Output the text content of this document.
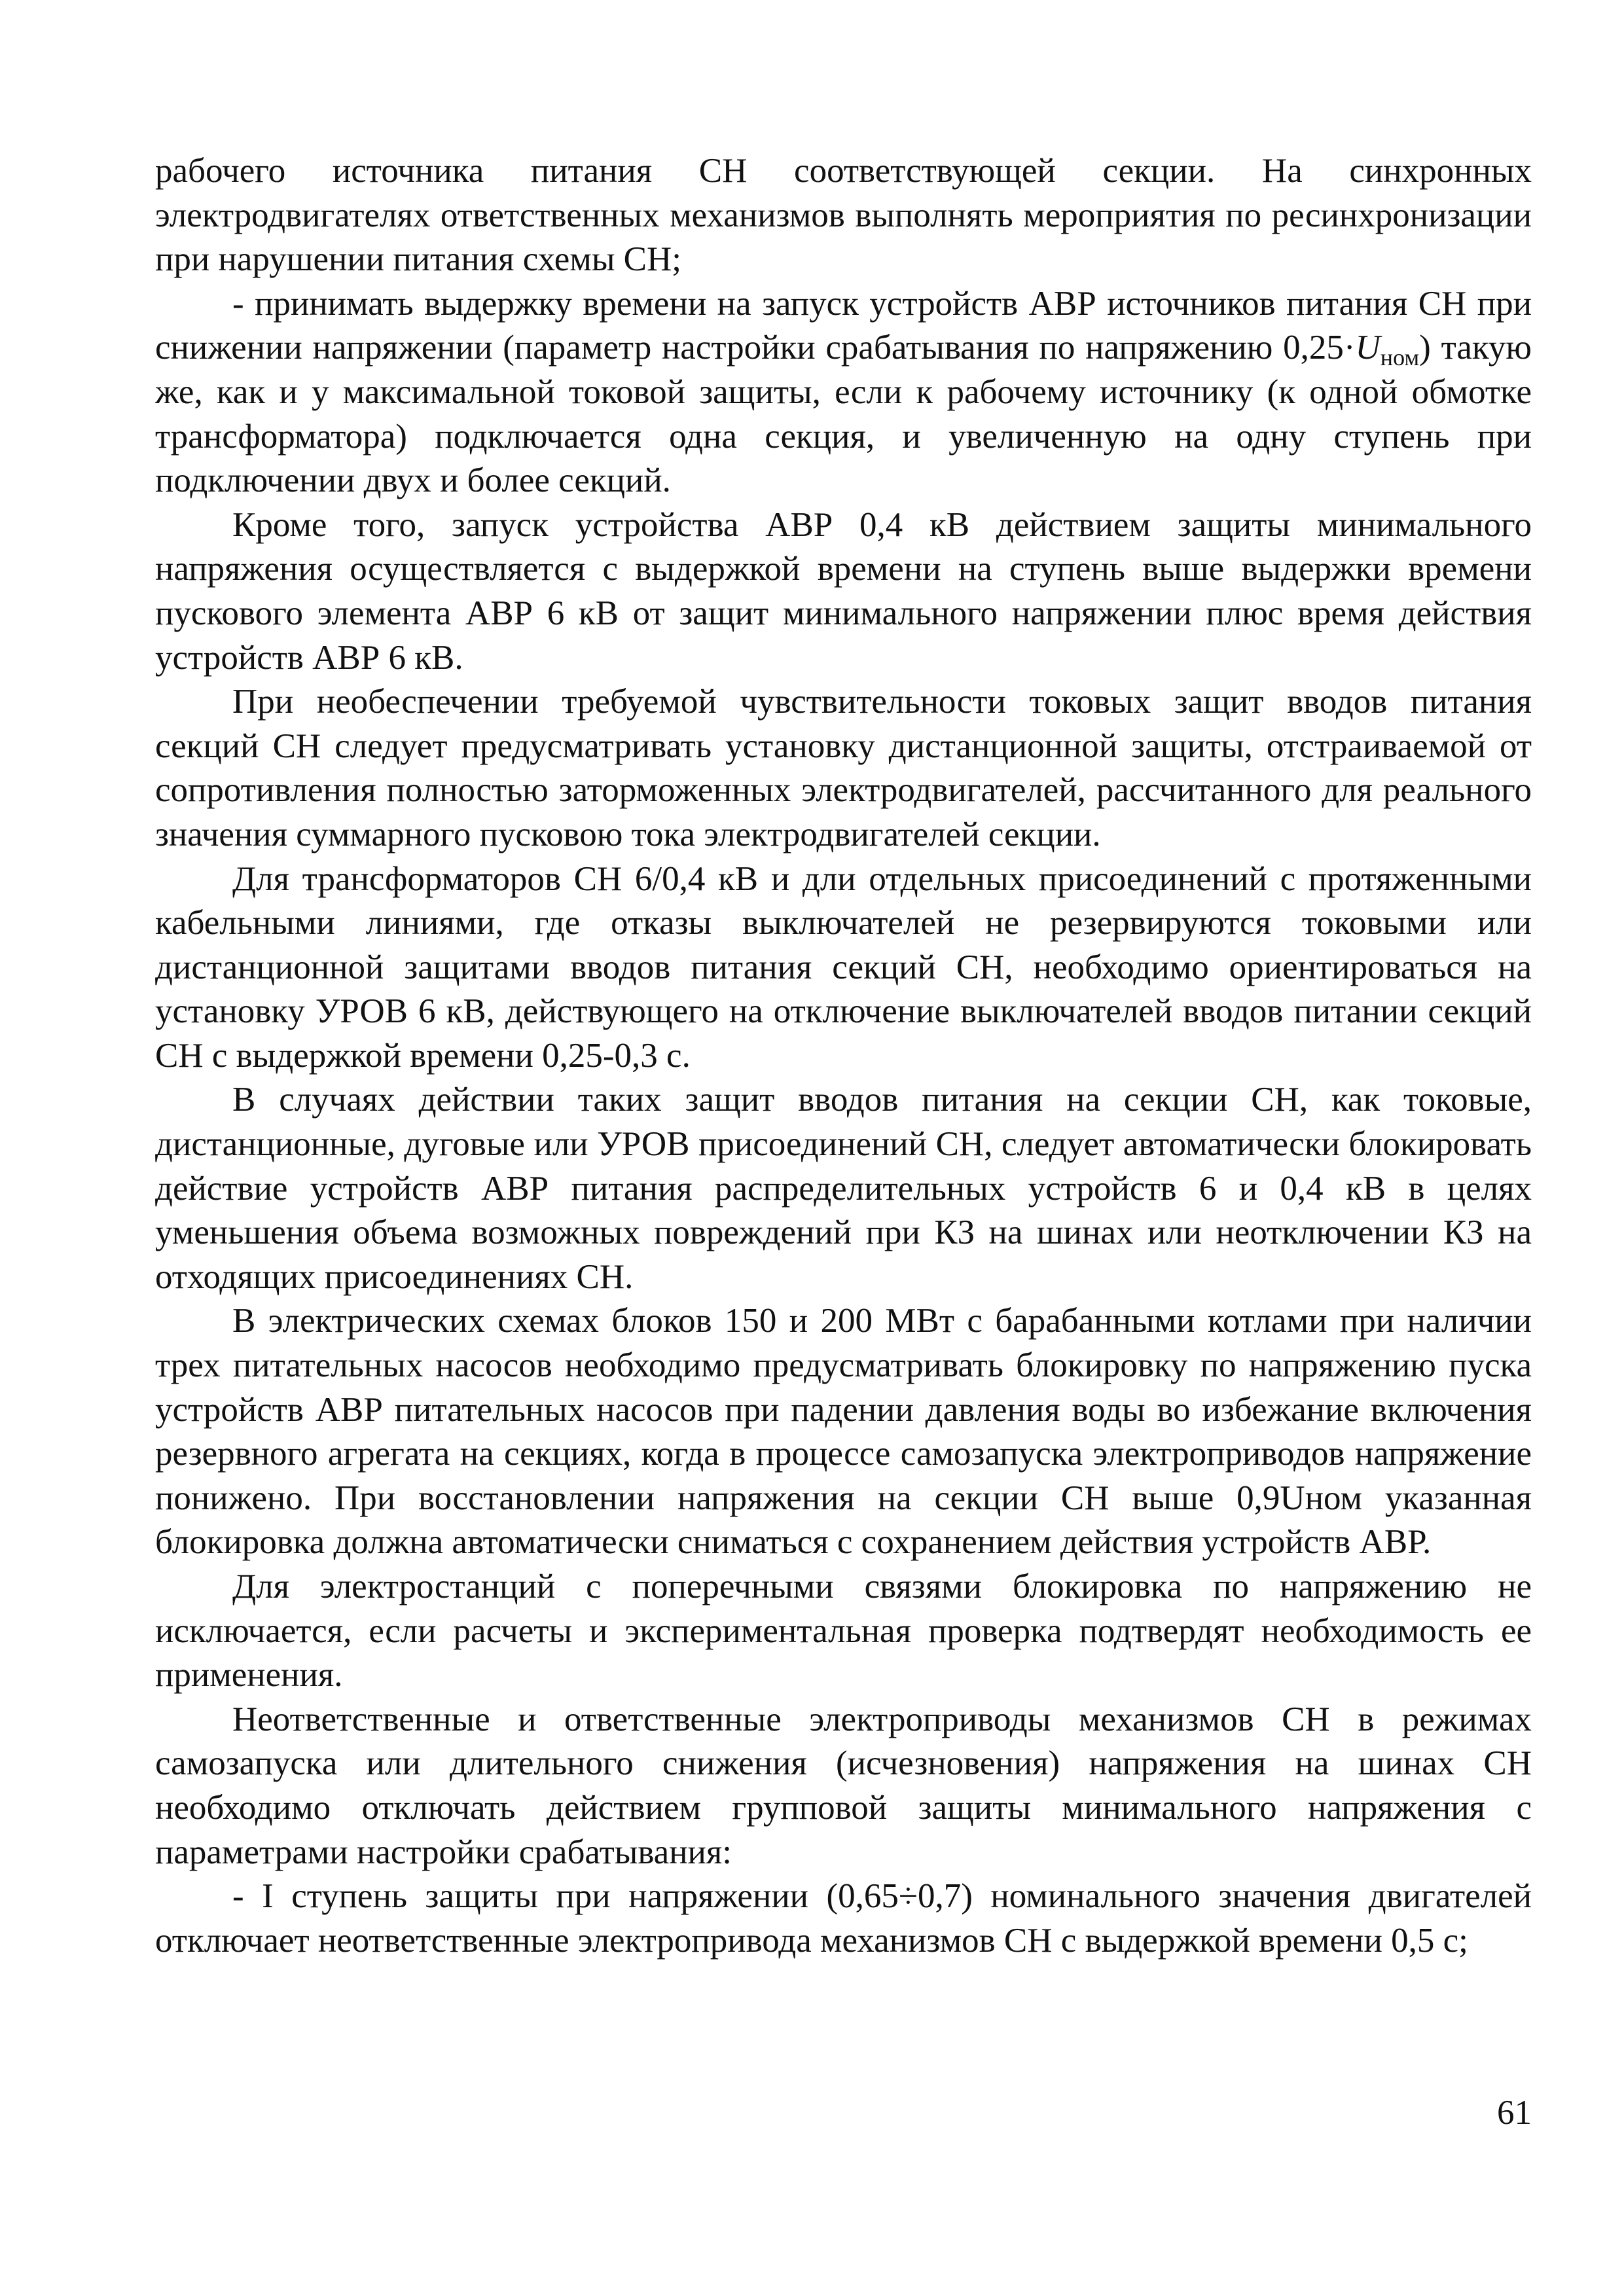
рабочего источника питания СН соответствующей секции. На синхронных электродвигателях ответственных механизмов выполнять мероприятия по ресинхронизации при нарушении питания схемы СН;

- принимать выдержку времени на запуск устройств АВР источников питания СН при снижении напряжении (параметр настройки срабатывания по напряжению $0,25\cdot U_{ном}$) такую же, как и у максимальной токовой защиты, если к рабочему источнику (к одной обмотке трансформатора) подключается одна секция, и увеличенную на одну ступень при подключении двух и более секций.

Кроме того, запуск устройства АВР 0,4 кВ действием защиты минимального напряжения осуществляется с выдержкой времени на ступень выше выдержки времени пускового элемента АВР 6 кВ от защит минимального напряжении плюс время действия устройств АВР 6 кВ.

При необеспечении требуемой чувствительности токовых защит вводов питания секций СН следует предусматривать установку дистанционной защиты, отстраиваемой от сопротивления полностью заторможенных электродвигателей, рассчитанного для реального значения суммарного пусковою тока электродвигателей секции.

Для трансформаторов СН 6/0,4 кВ и дли отдельных присоединений с протяженными кабельными линиями, где отказы выключателей не резервируются токовыми или дистанционной защитами вводов питания секций СН, необходимо ориентироваться на установку УРОВ 6 кВ, действующего на отключение выключателей вводов питании секций СН с выдержкой времени 0,25-0,3 с.

В случаях действии таких защит вводов питания на секции СН, как токовые, дистанционные, дуговые или УРОВ присоединений СН, следует автоматически блокировать действие устройств АВР питания распределительных устройств 6 и 0,4 кВ в целях уменьшения объема возможных повреждений при КЗ на шинах или неотключении КЗ на отходящих присоединениях СН.

В электрических схемах блоков 150 и 200 МВт с барабанными котлами при наличии трех питательных насосов необходимо предусматривать блокировку по напряжению пуска устройств АВР питательных насосов при падении давления воды во избежание включения резервного агрегата на секциях, когда в процессе самозапуска электроприводов напряжение понижено. При восстановлении напряжения на секции СН выше 0,9Uном указанная блокировка должна автоматически сниматься с сохранением действия устройств АВР.

Для электростанций с поперечными связями блокировка по напряжению не исключается, если расчеты и экспериментальная проверка подтвердят необходимость ее применения.

Неответственные и ответственные электроприводы механизмов СН в режимах самозапуска или длительного снижения (исчезновения) напряжения на шинах СН необходимо отключать действием групповой защиты минимального напряжения с параметрами настройки срабатывания:

- I ступень защиты при напряжении (0,65÷0,7) номинального значения двигателей отключает неответственные электропривода механизмов СН с выдержкой времени 0,5 с;

61
